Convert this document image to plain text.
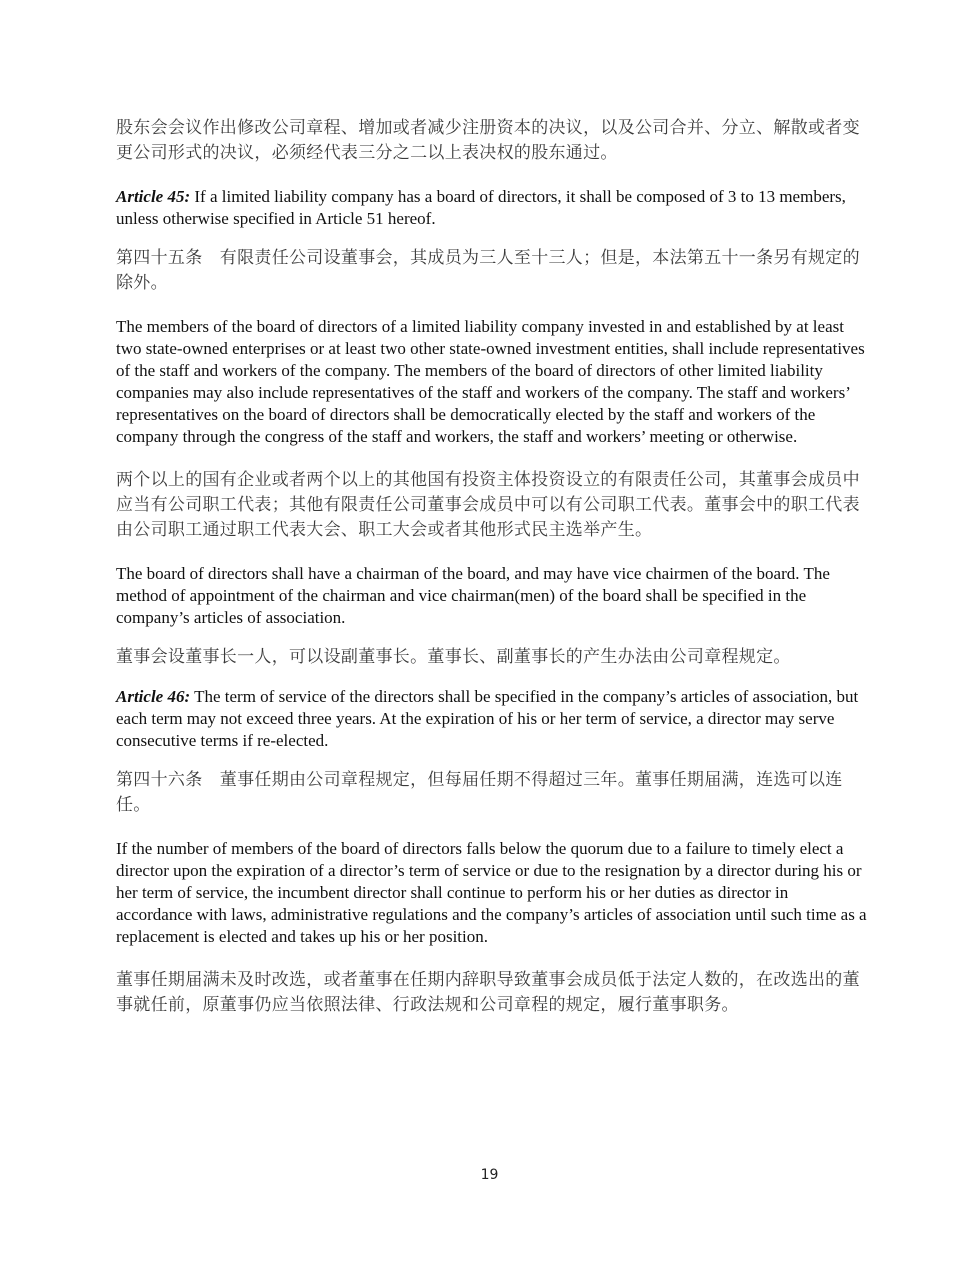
股东会会议作出修改公司章程、增加或者减少注册资本的决议，以及公司合并、分立、解散或者变更公司形式的决议，必须经代表三分之二以上表决权的股东通过。

Article 45: If a limited liability company has a board of directors, it shall be composed of 3 to 13 members, unless otherwise specified in Article 51 hereof.

第四十五条　有限责任公司设董事会，其成员为三人至十三人；但是，本法第五十一条另有规定的除外。

The members of the board of directors of a limited liability company invested in and established by at least two state-owned enterprises or at least two other state-owned investment entities, shall include representatives of the staff and workers of the company. The members of the board of directors of other limited liability companies may also include representatives of the staff and workers of the company. The staff and workers’ representatives on the board of directors shall be democratically elected by the staff and workers of the company through the congress of the staff and workers, the staff and workers’ meeting or otherwise.

两个以上的国有企业或者两个以上的其他国有投资主体投资设立的有限责任公司，其董事会成员中应当有公司职工代表；其他有限责任公司董事会成员中可以有公司职工代表。董事会中的职工代表由公司职工通过职工代表大会、职工大会或者其他形式民主选举产生。

The board of directors shall have a chairman of the board, and may have vice chairmen of the board. The method of appointment of the chairman and vice chairman(men) of the board shall be specified in the company’s articles of association.

董事会设董事长一人，可以设副董事长。董事长、副董事长的产生办法由公司章程规定。

Article 46: The term of service of the directors shall be specified in the company’s articles of association, but each term may not exceed three years. At the expiration of his or her term of service, a director may serve consecutive terms if re-elected.

第四十六条　董事任期由公司章程规定，但每届任期不得超过三年。董事任期届满，连选可以连任。

If the number of members of the board of directors falls below the quorum due to a failure to timely elect a director upon the expiration of a director’s term of service or due to the resignation by a director during his or her term of service, the incumbent director shall continue to perform his or her duties as director in accordance with laws, administrative regulations and the company’s articles of association until such time as a replacement is elected and takes up his or her position.

董事任期届满未及时改选，或者董事在任期内辞职导致董事会成员低于法定人数的，在改选出的董事就任前，原董事仍应当依照法律、行政法规和公司章程的规定，履行董事职务。

19
